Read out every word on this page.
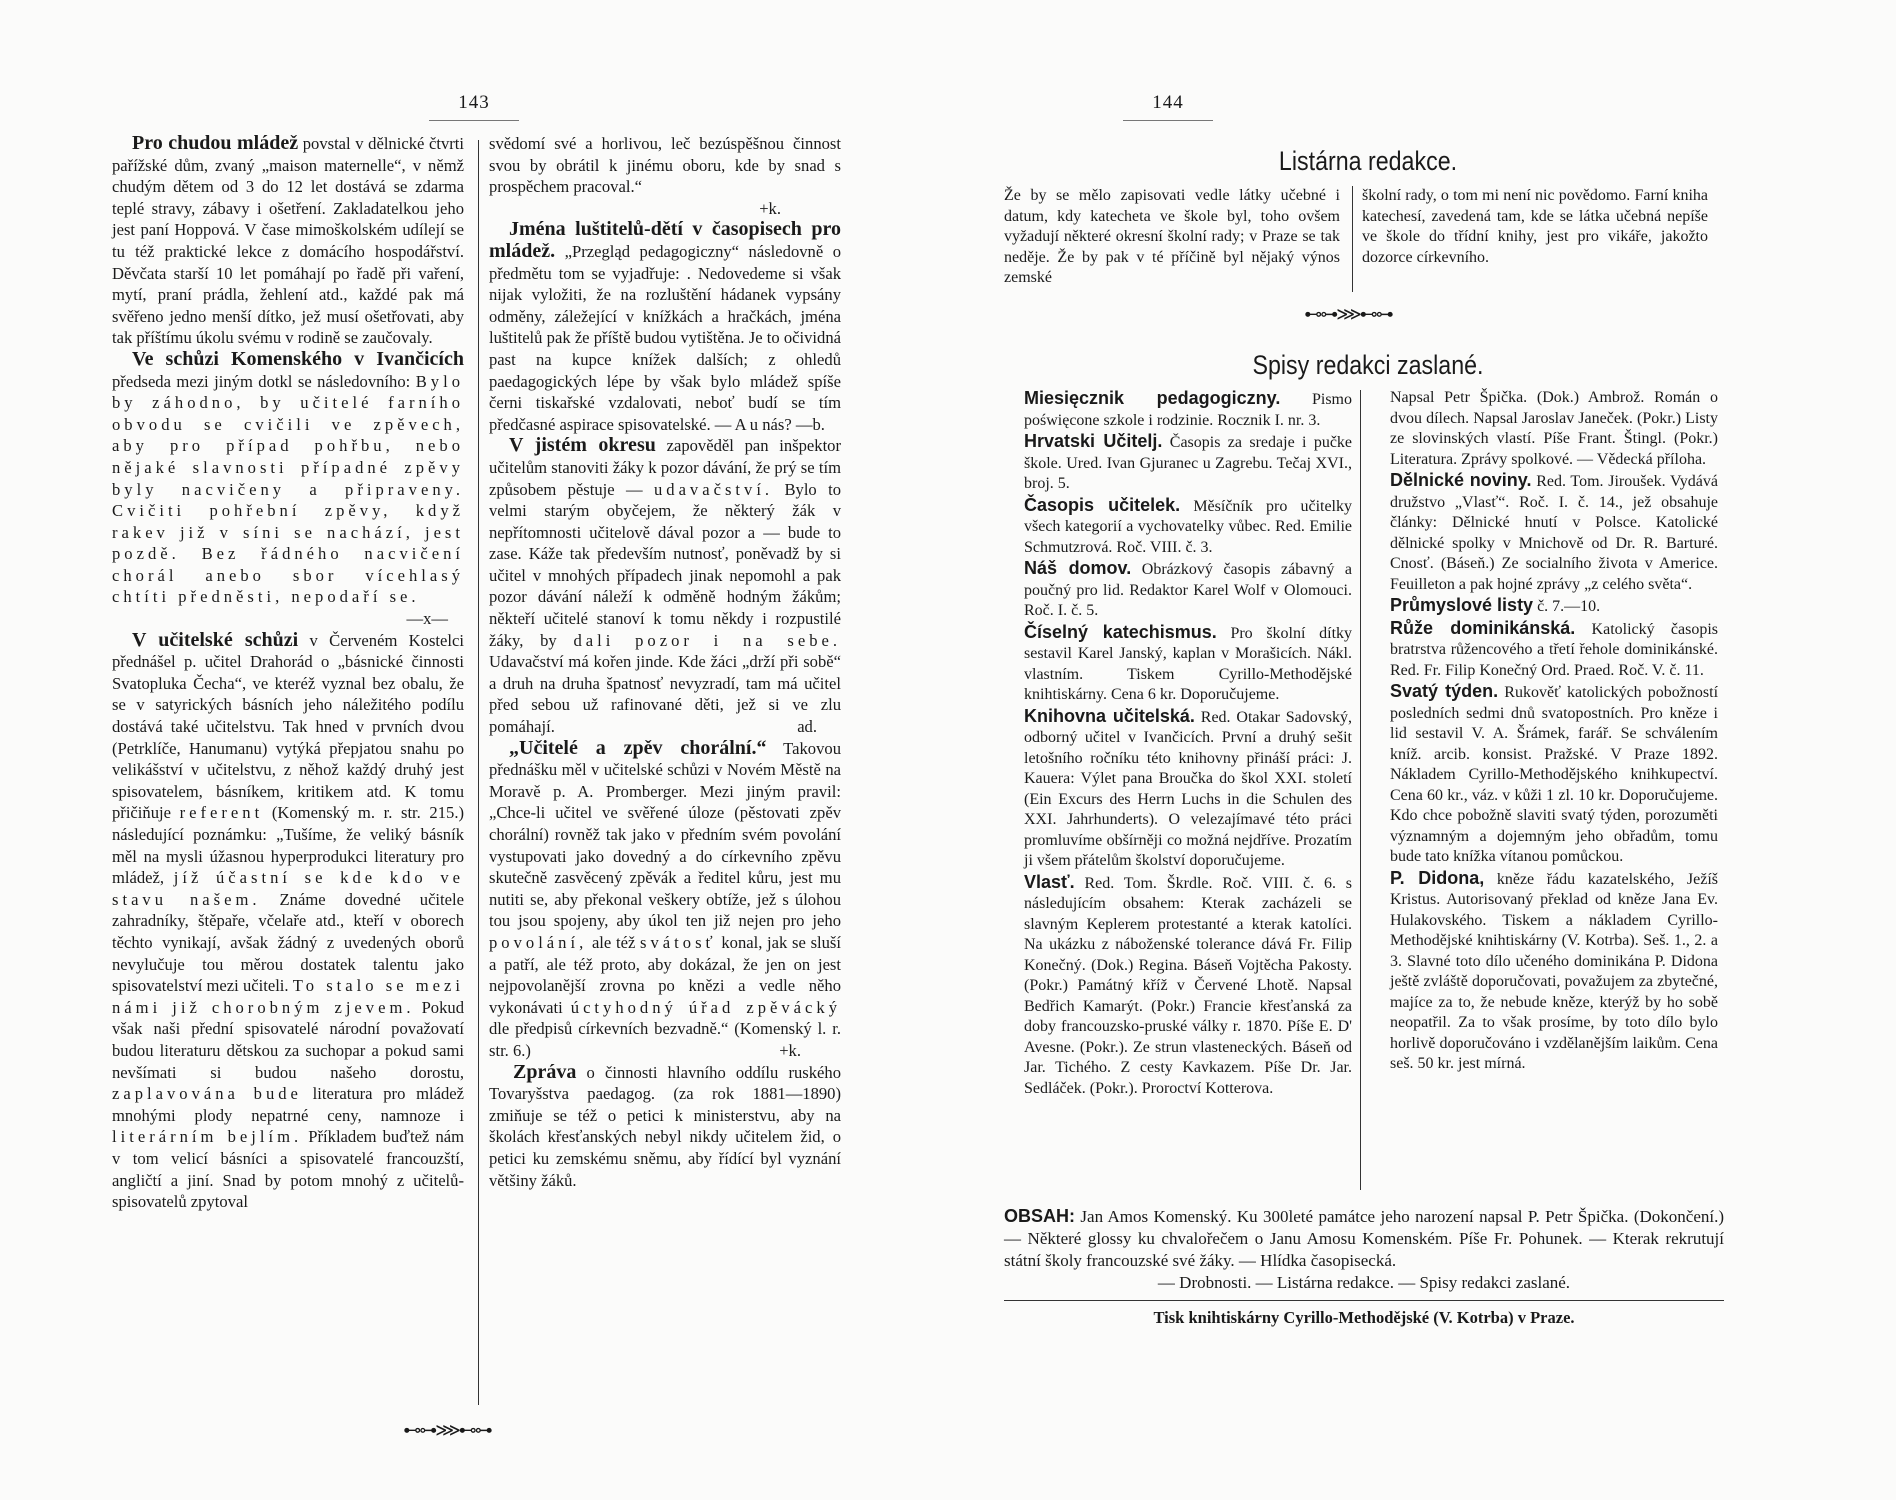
143

Pro chudou mládež povstal v dělnické čtvrti pařížské dům, zvaný „maison maternelle“, v němž chudým dětem od 3 do 12 let dostává se zdarma teplé stravy, zábavy i ošetření. Zakladatelkou jeho jest paní Hoppová. V čase mimoškolském udílejí se tu též praktické lekce z domácího hospodářství. Děvčata starší 10 let pomáhají po řadě při vaření, mytí, praní prádla, žehlení atd., každé pak má svěřeno jedno menší dítko, jež musí ošetřovati, aby tak příštímu úkolu svému v rodině se zaučovaly.

Ve schůzi Komenského v Ivančicích předseda mezi jiným dotkl se následovního: Bylo by záhodno, by učitelé farního obvodu se cvičili ve zpěvech, aby pro případ pohřbu, nebo nějaké slavnosti případné zpěvy byly nacvičeny a připraveny. Cvičiti pohřební zpěvy, když rakev již v síni se nachází, jest pozdě. Bez řádného nacvičení chorál anebo sbor vícehlasý chtíti předněsti, nepodaří se.
—x—

V učitelské schůzi v Červeném Kostelci přednášel p. učitel Drahorád o „básnické činnosti Svatopluka Čecha“, ve kteréž vyznal bez obalu, že se v satyrických básních jeho náležitého podílu dostává také učitelstvu. Tak hned v prvních dvou (Petrklíče, Hanumanu) vytýká přepjatou snahu po velikášství v učitelstvu, z něhož každý druhý jest spisovatelem, básníkem, kritikem atd. K tomu přičiňuje referent (Komenský m. r. str. 215.) následující poznámku: „Tušíme, že veliký básník měl na mysli úžasnou hyperprodukci literatury pro mládež, jíž účastní se kde kdo ve stavu našem. Známe dovedné učitele zahradníky, štěpaře, včelaře atd., kteří v oborech těchto vynikají, avšak žádný z uvedených oborů nevylučuje tou měrou dostatek talentu jako spisovatelství mezi učiteli. To stalo se mezi námi již chorobným zjevem. Pokud však naši přední spisovatelé národní považovatí budou literaturu dětskou za suchopar a pokud sami nevšímati si budou našeho dorostu, zaplavována bude literatura pro mládež mnohými plody nepatrné ceny, namnoze i literárním bejlím. Příkladem buďtež nám v tom velicí básníci a spisovatelé francouzští, angličtí a jiní. Snad by potom mnohý z učitelů-spisovatelů zpytoval

svědomí své a horlivou, leč bezúspěšnou činnost svou by obrátil k jinému oboru, kde by snad s prospěchem pracoval.“
+k.

Jména luštitelů-dětí v časopisech pro mládež. „Przegląd pedagogiczny“ následovně o předmětu tom se vyjadřuje: . Nedovedeme si však nijak vyložiti, že na rozluštění hádanek vypsány odměny, záležející v knížkách a hračkách, jména luštitelů pak že příště budou vytištěna. Je to očividná past na kupce knížek dalších; z ohledů paedagogických lépe by však bylo mládež spíše černi tiskařské vzdalovati, neboť budí se tím předčasné aspirace spisovatelské. — A u nás? —b.

V jistém okresu zapověděl pan inšpektor učitelům stanoviti žáky k pozor dávání, že prý se tím způsobem pěstuje — udavačství. Bylo to velmi starým obyčejem, že některý žák v nepřítomnosti učitelově dával pozor a — bude to zase. Káže tak především nutnosť, poněvadž by si učitel v mnohých případech jinak nepomohl a pak pozor dávání náleží k odměně hodným žákům; někteří učitelé stanoví k tomu někdy i rozpustilé žáky, by dali pozor i na sebe. Udavačství má kořen jinde. Kde žáci „drží při sobě“ a druh na druha špatnosť nevyzradí, tam má učitel před sebou už rafinované děti, jež si ve zlu pomáhají.	ad.

„Učitelé a zpěv chorální.“ Takovou přednášku měl v učitelské schůzi v Novém Městě na Moravě p. A. Promberger. Mezi jiným pravil: „Chce-li učitel ve svěřené úloze (pěstovati zpěv chorální) rovněž tak jako v předním svém povolání vystupovati jako dovedný a do církevního zpěvu skutečně zasvěcený zpěvák a ředitel kůru, jest mu nutiti se, aby překonal veškery obtíže, jež s úlohou tou jsou spojeny, aby úkol ten již nejen pro jeho povolání, ale též svátosť konal, jak se sluší a patří, ale též proto, aby dokázal, že jen on jest nejpovolanější zrovna po knězi a vedle něho vykonávati úctyhodný úřad zpěvácký dle předpisů církevních bezvadně.“ (Komenský l. r. str. 6.)	+k.

Zpráva o činnosti hlavního oddílu ruského Tovaryšstva paedagog. (za rok 1881—1890) zmiňuje se též o petici k ministerstvu, aby na školách křesťanských nebyl nikdy učitelem žid, o petici ku zemskému sněmu, aby řídící byl vyznání většiny žáků.

⊷⊶⋙⊷⊶
144
Listárna redakce.
Že by se mělo zapisovati vedle látky učebné i datum, kdy katecheta ve škole byl, toho ovšem vyžadují některé okresní školní rady; v Praze se tak neděje. Že by pak v té příčině byl nějaký výnos zemské
školní rady, o tom mi není nic povědomo. Farní kniha katechesí, zavedená tam, kde se látka učebná nepíše ve škole do třídní knihy, jest pro vikáře, jakožto dozorce církevního.
⊷⊶⋙⊷⊶
Spisy redakci zaslané.

Miesięcznik pedagogiczny. Pismo poświęcone szkole i rodzinie. Rocznik I. nr. 3.

Hrvatski Učitelj. Časopis za sredaje i pučke škole. Ured. Ivan Gjuranec u Zagrebu. Tečaj XVI., broj. 5.

Časopis učitelek. Měsíčník pro učitelky všech kategorií a vychovatelky vůbec. Red. Emilie Schmutzrová. Roč. VIII. č. 3.

Náš domov. Obrázkový časopis zábavný a poučný pro lid. Redaktor Karel Wolf v Olomouci. Roč. I. č. 5.

Číselný katechismus. Pro školní dítky sestavil Karel Janský, kaplan v Morašicích. Nákl. vlastním. Tiskem Cyrillo-Methodějské knihtiskárny. Cena 6 kr. Doporučujeme.

Knihovna učitelská. Red. Otakar Sadovský, odborný učitel v Ivančicích. První a druhý sešit letošního ročníku této knihovny přináší práci: J. Kauera: Výlet pana Broučka do škol XXI. století (Ein Excurs des Herrn Luchs in die Schulen des XXI. Jahrhunderts). O velezajímavé této práci promluvíme obšírněji co možná nejdříve. Prozatím ji všem přátelům školství doporučujeme.

Vlasť. Red. Tom. Škrdle. Roč. VIII. č. 6. s následujícím obsahem: Kterak zacházeli se slavným Keplerem protestanté a kterak katolíci. Na ukázku z náboženské tolerance dává Fr. Filip Konečný. (Dok.) Regina. Báseň Vojtěcha Pakosty. (Pokr.) Památný kříž v Červené Lhotě. Napsal Bedřich Kamarýt. (Pokr.) Francie křesťanská za doby francouzsko-pruské války r. 1870. Píše E. D' Avesne. (Pokr.). Ze strun vlasteneckých. Báseň od Jar. Tichého. Z cesty Kavkazem. Píše Dr. Jar. Sedláček. (Pokr.). Proroctví Kotterova.

Napsal Petr Špička. (Dok.) Ambrož. Román o dvou dílech. Napsal Jaroslav Janeček. (Pokr.) Listy ze slovinských vlastí. Píše Frant. Štingl. (Pokr.) Literatura. Zprávy spolkové. — Vědecká příloha.

Dělnické noviny. Red. Tom. Jiroušek. Vydává družstvo „Vlasť“. Roč. I. č. 14., jež obsahuje články: Dělnické hnutí v Polsce. Katolické dělnické spolky v Mnichově od Dr. R. Barturé. Cnosť. (Báseň.) Ze socialního života v Americe. Feuilleton a pak hojné zprávy „z celého světa“.

Průmyslové listy č. 7.—10.

Růže dominikánská. Katolický časopis bratrstva růžencového a třetí řehole dominikánské. Red. Fr. Filip Konečný Ord. Praed. Roč. V. č. 11.

Svatý týden. Rukověť katolických pobožností posledních sedmi dnů svatopostních. Pro kněze i lid sestavil V. A. Šrámek, farář. Se schválením kníž. arcib. konsist. Pražské. V Praze 1892. Nákladem Cyrillo-Methodějského knihkupectví. Cena 60 kr., váz. v kůži 1 zl. 10 kr. Doporučujeme. Kdo chce pobožně slaviti svatý týden, porozuměti významným a dojemným jeho obřadům, tomu bude tato knížka vítanou pomůckou.

P. Didona, kněze řádu kazatelského, Ježíš Kristus. Autorisovaný překlad od kněze Jana Ev. Hulakovského. Tiskem a nákladem Cyrillo-Methodějské knihtiskárny (V. Kotrba). Seš. 1., 2. a 3. Slavné toto dílo učeného dominikána P. Didona ještě zvláště doporučovati, považujem za zbytečné, majíce za to, že nebude kněze, kterýž by ho sobě neopatřil. Za to však prosíme, by toto dílo bylo horlivě doporučováno i vzdělanějším laikům. Cena seš. 50 kr. jest mírná.

OBSAH: Jan Amos Komenský. Ku 300leté památce jeho narození napsal P. Petr Špička. (Dokončení.) — Některé glossy ku chvalořečem o Janu Amosu Komenském. Píše Fr. Pohunek. — Kterak rekrutují státní školy francouzské své žáky. — Hlídka časopisecká.
— Drobnosti. — Listárna redakce. — Spisy redakci zaslané.
Tisk knihtiskárny Cyrillo-Methodějské (V. Kotrba) v Praze.
